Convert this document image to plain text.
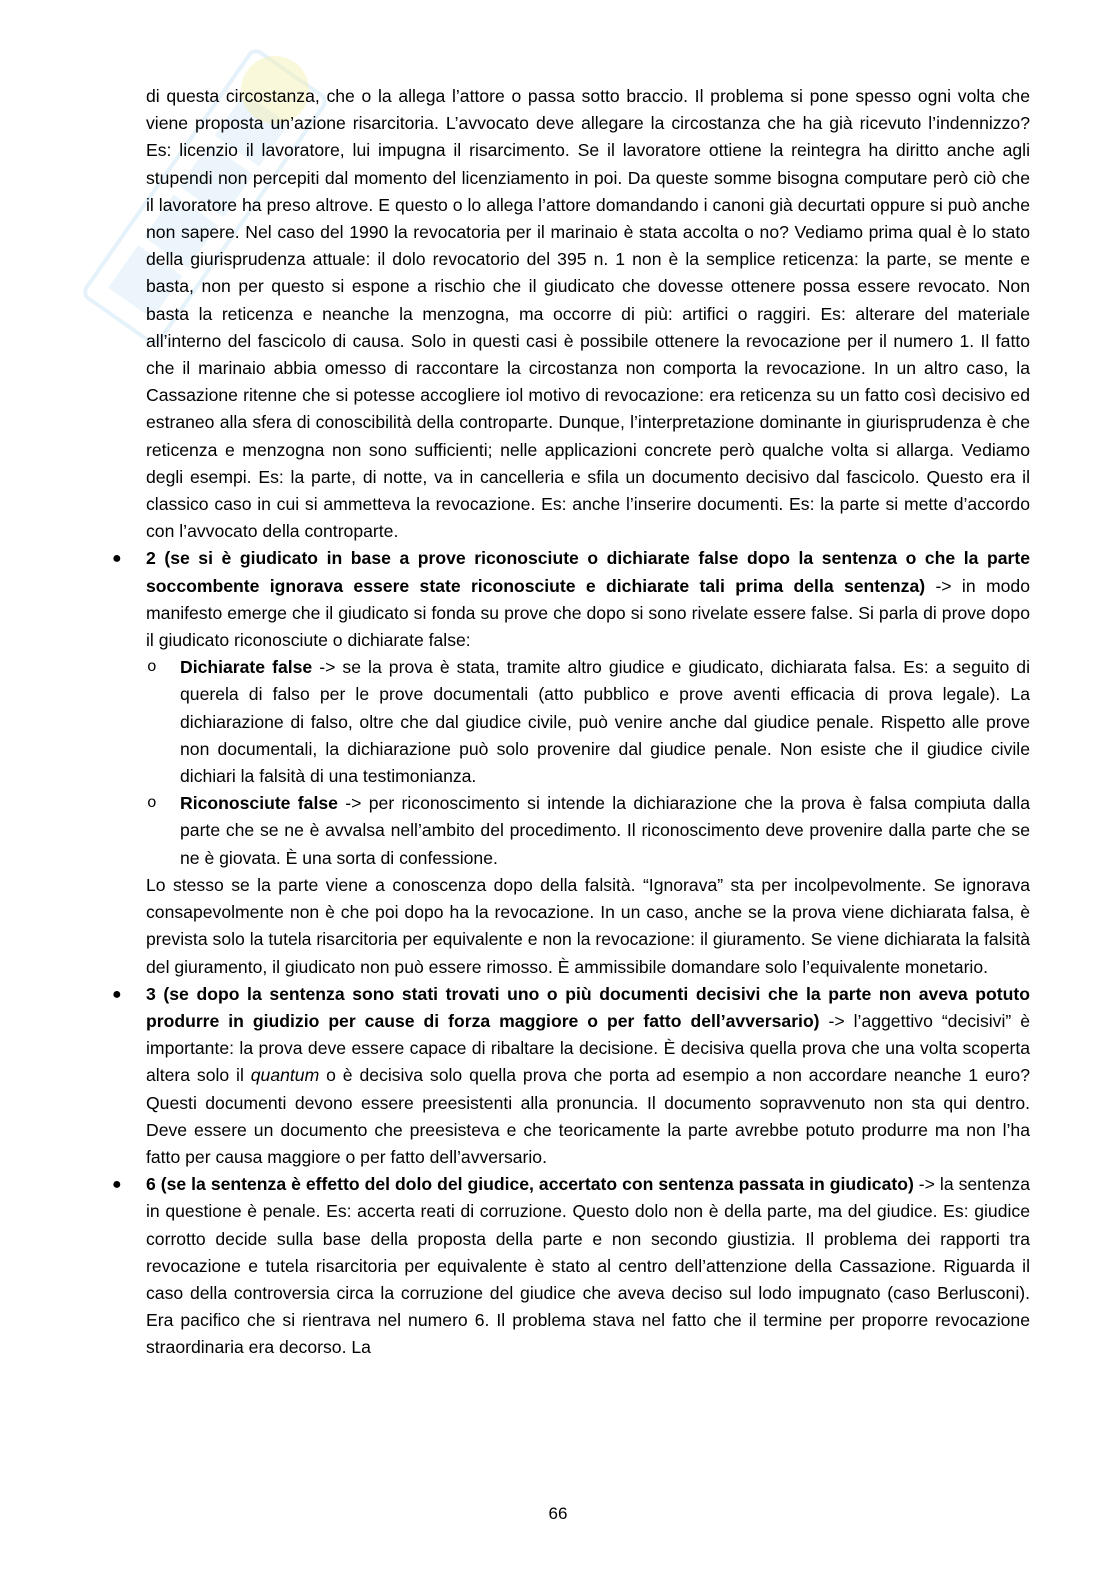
di questa circostanza, che o la allega l’attore o passa sotto braccio. Il problema si pone spesso ogni volta che viene proposta un’azione risarcitoria. L’avvocato deve allegare la circostanza che ha già ricevuto l’indennizzo? Es: licenzio il lavoratore, lui impugna il risarcimento. Se il lavoratore ottiene la reintegra ha diritto anche agli stupendi non percepiti dal momento del licenziamento in poi. Da queste somme bisogna computare però ciò che il lavoratore ha preso altrove. E questo o lo allega l’attore domandando i canoni già decurtati oppure si può anche non sapere. Nel caso del 1990 la revocatoria per il marinaio è stata accolta o no? Vediamo prima qual è lo stato della giurisprudenza attuale: il dolo revocatorio del 395 n. 1 non è la semplice reticenza: la parte, se mente e basta, non per questo si espone a rischio che il giudicato che dovesse ottenere possa essere revocato. Non basta la reticenza e neanche la menzogna, ma occorre di più: artifici o raggiri. Es: alterare del materiale all’interno del fascicolo di causa. Solo in questi casi è possibile ottenere la revocazione per il numero 1. Il fatto che il marinaio abbia omesso di raccontare la circostanza non comporta la revocazione. In un altro caso, la Cassazione ritenne che si potesse accogliere iol motivo di revocazione: era reticenza su un fatto così decisivo ed estraneo alla sfera di conoscibilità della controparte. Dunque, l’interpretazione dominante in giurisprudenza è che reticenza e menzogna non sono sufficienti; nelle applicazioni concrete però qualche volta si allarga. Vediamo degli esempi. Es: la parte, di notte, va in cancelleria e sfila un documento decisivo dal fascicolo. Questo era il classico caso in cui si ammetteva la revocazione. Es: anche l’inserire documenti. Es: la parte si mette d’accordo con l’avvocato della controparte.

● 2 (se si è giudicato in base a prove riconosciute o dichiarate false dopo la sentenza o che la parte soccombente ignorava essere state riconosciute e dichiarate tali prima della sentenza) -> in modo manifesto emerge che il giudicato si fonda su prove che dopo si sono rivelate essere false. Si parla di prove dopo il giudicato riconosciute o dichiarate false:

o Dichiarate false -> se la prova è stata, tramite altro giudice e giudicato, dichiarata falsa. Es: a seguito di querela di falso per le prove documentali (atto pubblico e prove aventi efficacia di prova legale). La dichiarazione di falso, oltre che dal giudice civile, può venire anche dal giudice penale. Rispetto alle prove non documentali, la dichiarazione può solo provenire dal giudice penale. Non esiste che il giudice civile dichiari la falsità di una testimonianza.

o Riconosciute false -> per riconoscimento si intende la dichiarazione che la prova è falsa compiuta dalla parte che se ne è avvalsa nell’ambito del procedimento. Il riconoscimento deve provenire dalla parte che se ne è giovata. È una sorta di confessione.

Lo stesso se la parte viene a conoscenza dopo della falsità. “Ignorava” sta per incolpevolmente. Se ignorava consapevolmente non è che poi dopo ha la revocazione. In un caso, anche se la prova viene dichiarata falsa, è prevista solo la tutela risarcitoria per equivalente e non la revocazione: il giuramento. Se viene dichiarata la falsità del giuramento, il giudicato non può essere rimosso. È ammissibile domandare solo l’equivalente monetario.

● 3 (se dopo la sentenza sono stati trovati uno o più documenti decisivi che la parte non aveva potuto produrre in giudizio per cause di forza maggiore o per fatto dell’avversario) -> l’aggettivo “decisivi” è importante: la prova deve essere capace di ribaltare la decisione. È decisiva quella prova che una volta scoperta altera solo il quantum o è decisiva solo quella prova che porta ad esempio a non accordare neanche 1 euro? Questi documenti devono essere preesistenti alla pronuncia. Il documento sopravvenuto non sta qui dentro. Deve essere un documento che preesisteva e che teoricamente la parte avrebbe potuto produrre ma non l’ha fatto per causa maggiore o per fatto dell’avversario.

● 6 (se la sentenza è effetto del dolo del giudice, accertato con sentenza passata in giudicato) -> la sentenza in questione è penale. Es: accerta reati di corruzione. Questo dolo non è della parte, ma del giudice. Es: giudice corrotto decide sulla base della proposta della parte e non secondo giustizia. Il problema dei rapporti tra revocazione e tutela risarcitoria per equivalente è stato al centro dell’attenzione della Cassazione. Riguarda il caso della controversia circa la corruzione del giudice che aveva deciso sul lodo impugnato (caso Berlusconi). Era pacifico che si rientrava nel numero 6. Il problema stava nel fatto che il termine per proporre revocazione straordinaria era decorso. La

66
